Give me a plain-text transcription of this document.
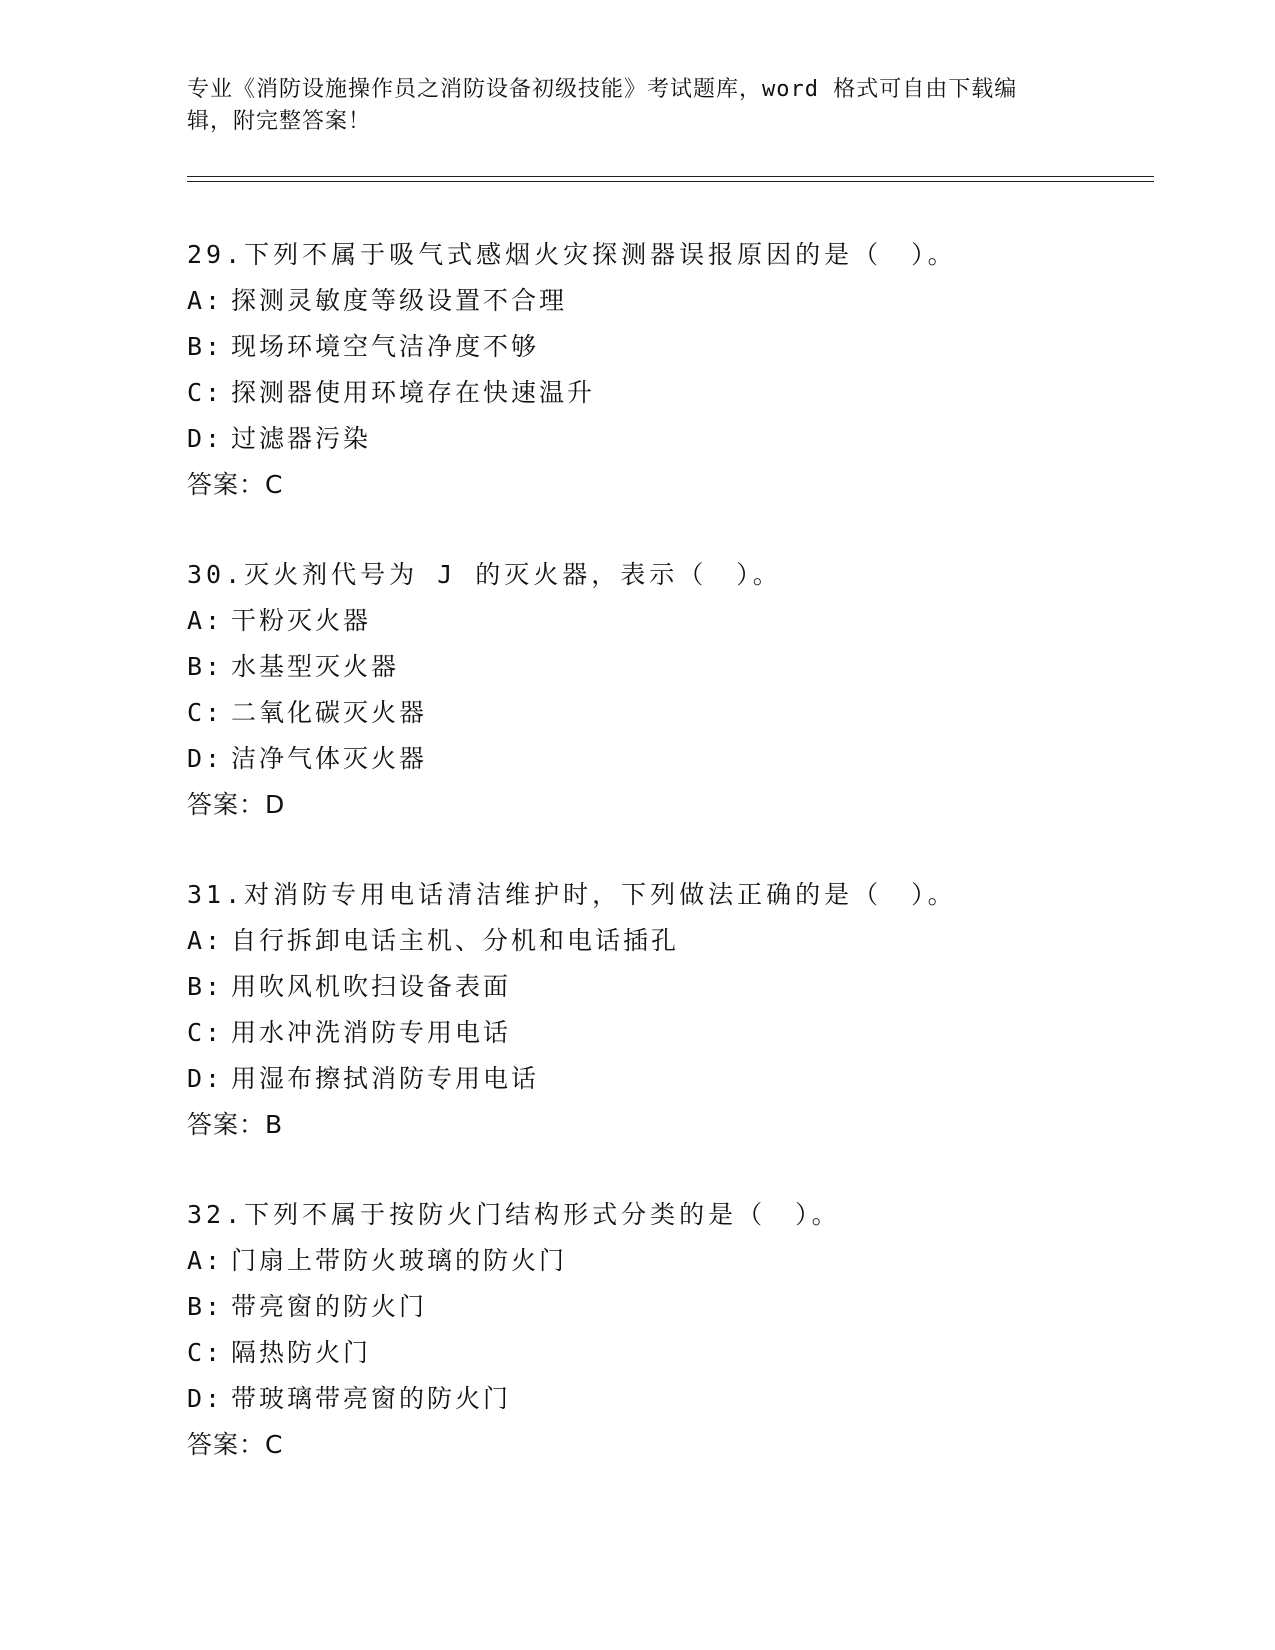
专业《消防设施操作员之消防设备初级技能》考试题库，word 格式可自由下载编
辑，附完整答案！
29.下列不属于吸气式感烟火灾探测器误报原因的是（　）。
A: 探测灵敏度等级设置不合理
B: 现场环境空气洁净度不够
C: 探测器使用环境存在快速温升
D: 过滤器污染
答案：C
30.灭火剂代号为 J 的灭火器，表示（　）。
A: 干粉灭火器
B: 水基型灭火器
C: 二氧化碳灭火器
D: 洁净气体灭火器
答案：D
31.对消防专用电话清洁维护时，下列做法正确的是（　）。
A: 自行拆卸电话主机、分机和电话插孔
B: 用吹风机吹扫设备表面
C: 用水冲洗消防专用电话
D: 用湿布擦拭消防专用电话
答案：B
32.下列不属于按防火门结构形式分类的是（　）。
A: 门扇上带防火玻璃的防火门
B: 带亮窗的防火门
C: 隔热防火门
D: 带玻璃带亮窗的防火门
答案：C
